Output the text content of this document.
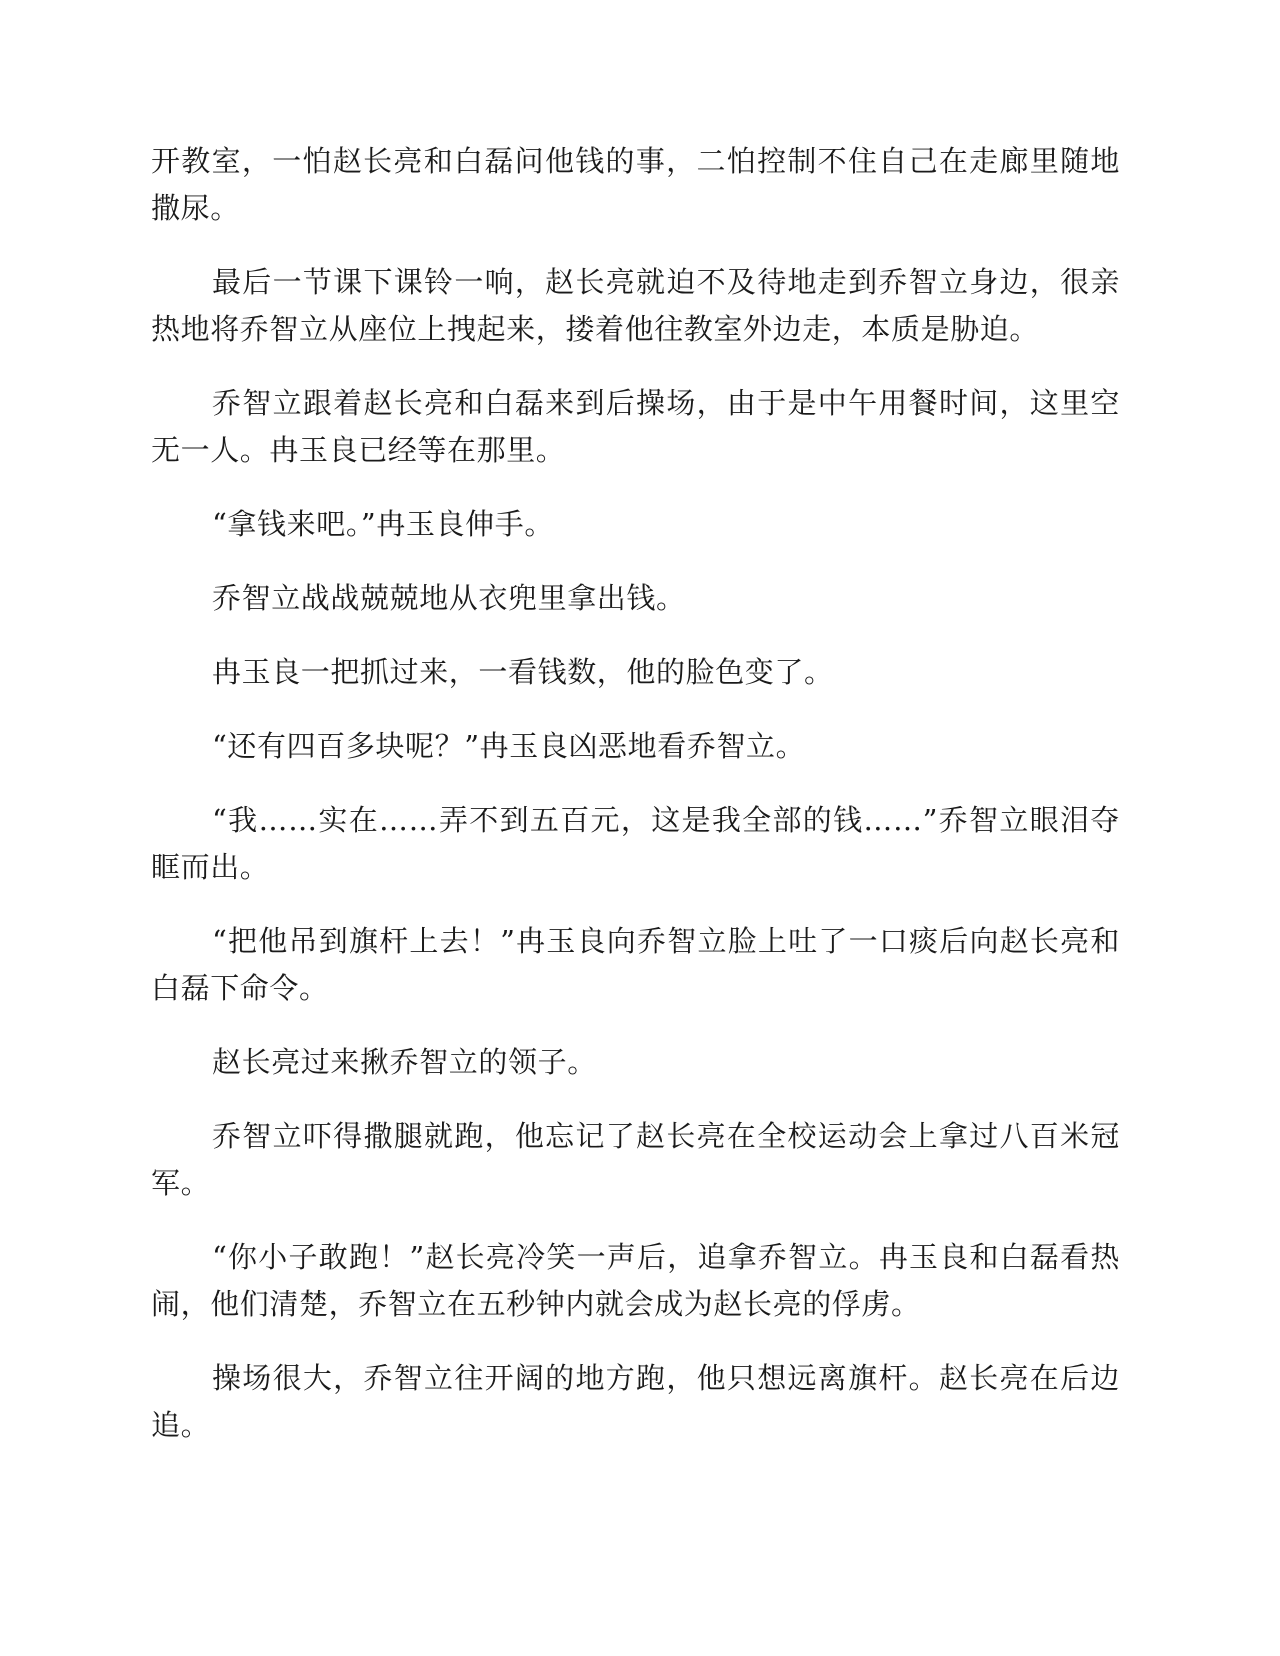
开教室，一怕赵长亮和白磊问他钱的事，二怕控制不住自己在走廊里随地撒尿。

最后一节课下课铃一响，赵长亮就迫不及待地走到乔智立身边，很亲热地将乔智立从座位上拽起来，搂着他往教室外边走，本质是胁迫。

乔智立跟着赵长亮和白磊来到后操场，由于是中午用餐时间，这里空无一人。冉玉良已经等在那里。

“拿钱来吧。”冉玉良伸手。

乔智立战战兢兢地从衣兜里拿出钱。

冉玉良一把抓过来，一看钱数，他的脸色变了。

“还有四百多块呢？”冉玉良凶恶地看乔智立。

“我……实在……弄不到五百元，这是我全部的钱……”乔智立眼泪夺眶而出。

“把他吊到旗杆上去！”冉玉良向乔智立脸上吐了一口痰后向赵长亮和白磊下命令。

赵长亮过来揪乔智立的领子。

乔智立吓得撒腿就跑，他忘记了赵长亮在全校运动会上拿过八百米冠军。

“你小子敢跑！”赵长亮冷笑一声后，追拿乔智立。冉玉良和白磊看热闹，他们清楚，乔智立在五秒钟内就会成为赵长亮的俘虏。

操场很大，乔智立往开阔的地方跑，他只想远离旗杆。赵长亮在后边追。
